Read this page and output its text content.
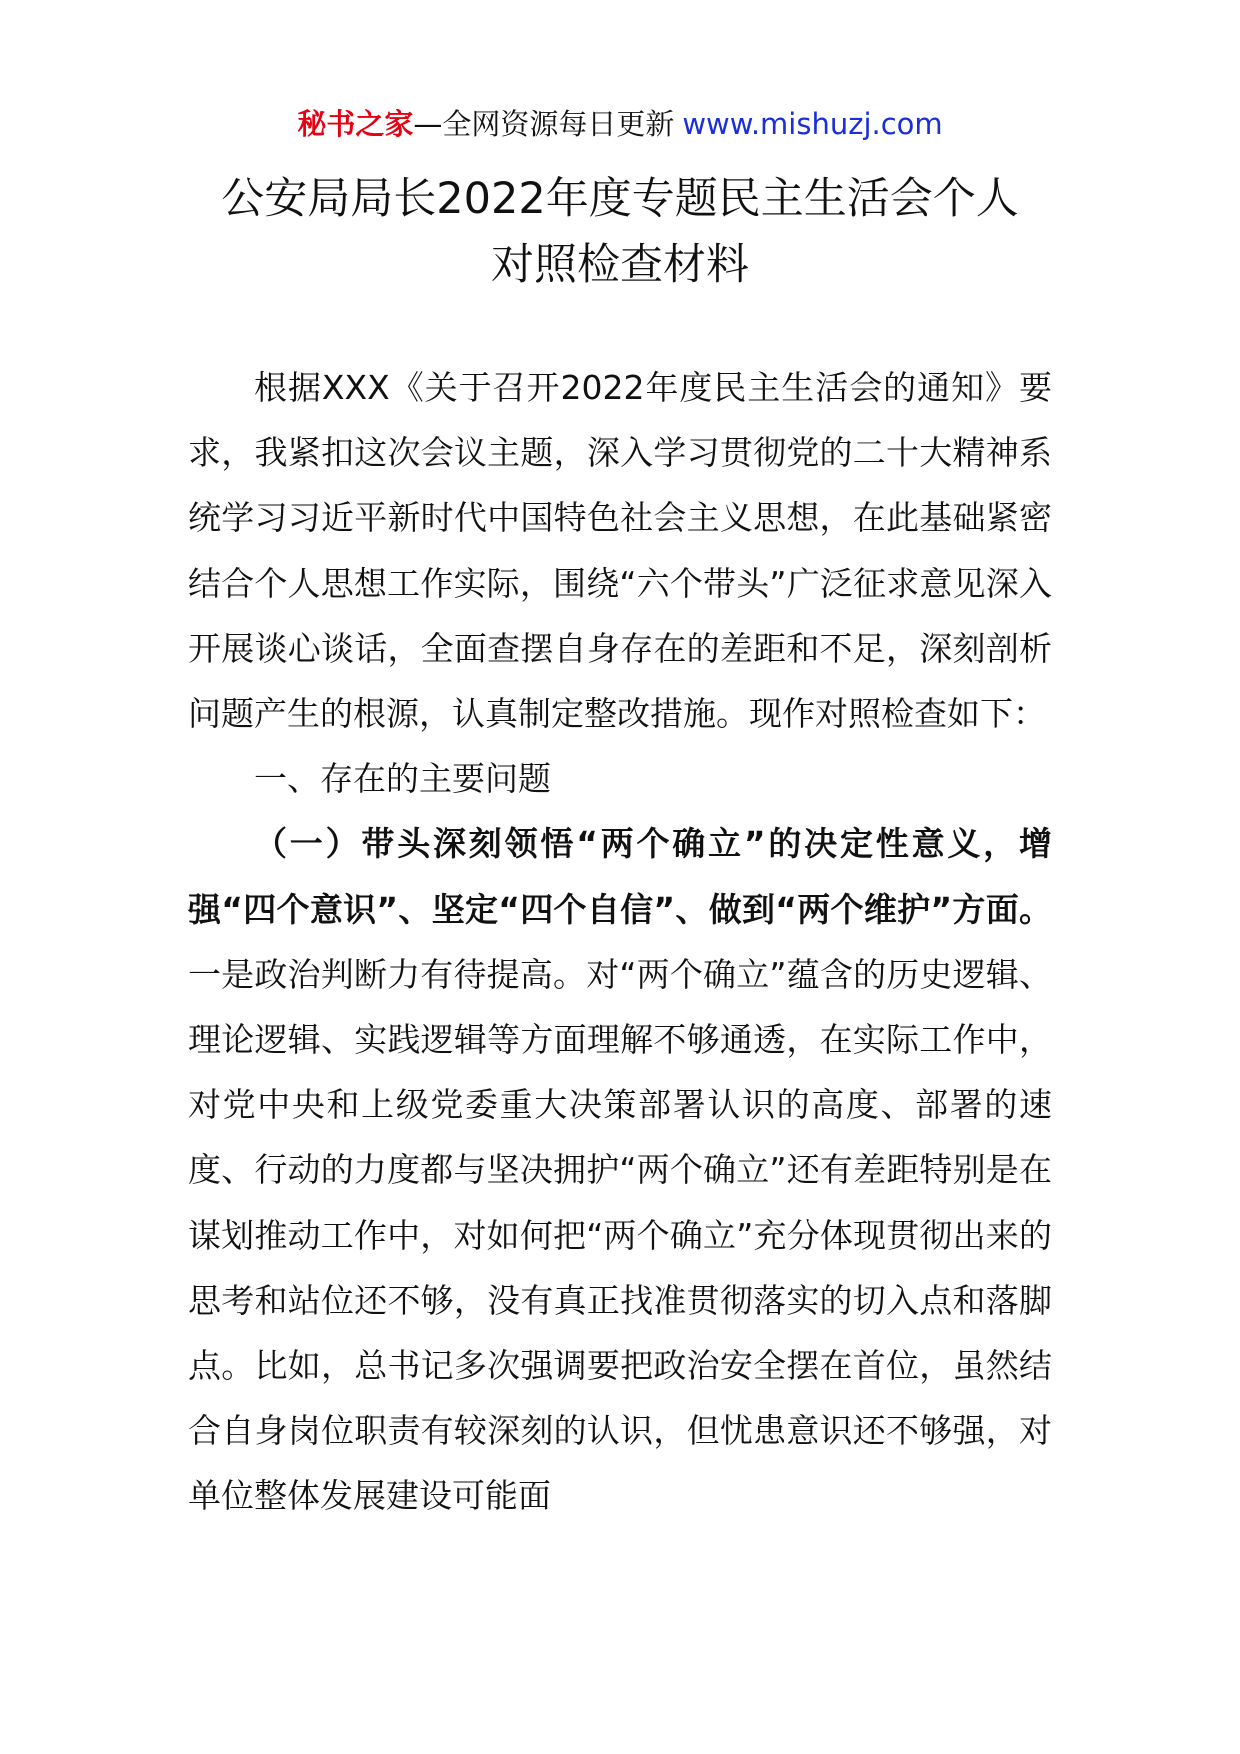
秘书之家—全网资源每日更新 www.mishuzj.com
公安局局长2022年度专题民主生活会个人
对照检查材料

根据XXX《关于召开2022年度民主生活会的通知》要求，我紧扣这次会议主题，深入学习贯彻党的二十大精神系统学习习近平新时代中国特色社会主义思想，在此基础紧密结合个人思想工作实际，围绕“六个带头”广泛征求意见深入开展谈心谈话，全面查摆自身存在的差距和不足，深刻剖析问题产生的根源，认真制定整改措施。现作对照检查如下：

一、存在的主要问题

（一）带头深刻领悟“两个确立”的决定性意义，增强“四个意识”、坚定“四个自信”、做到“两个维护”方面。一是政治判断力有待提高。对“两个确立”蕴含的历史逻辑、理论逻辑、实践逻辑等方面理解不够通透，在实际工作中，对党中央和上级党委重大决策部署认识的高度、部署的速度、行动的力度都与坚决拥护“两个确立”还有差距特别是在谋划推动工作中，对如何把“两个确立”充分体现贯彻出来的思考和站位还不够，没有真正找准贯彻落实的切入点和落脚点。比如，总书记多次强调要把政治安全摆在首位，虽然结合自身岗位职责有较深刻的认识，但忧患意识还不够强，对单位整体发展建设可能面
